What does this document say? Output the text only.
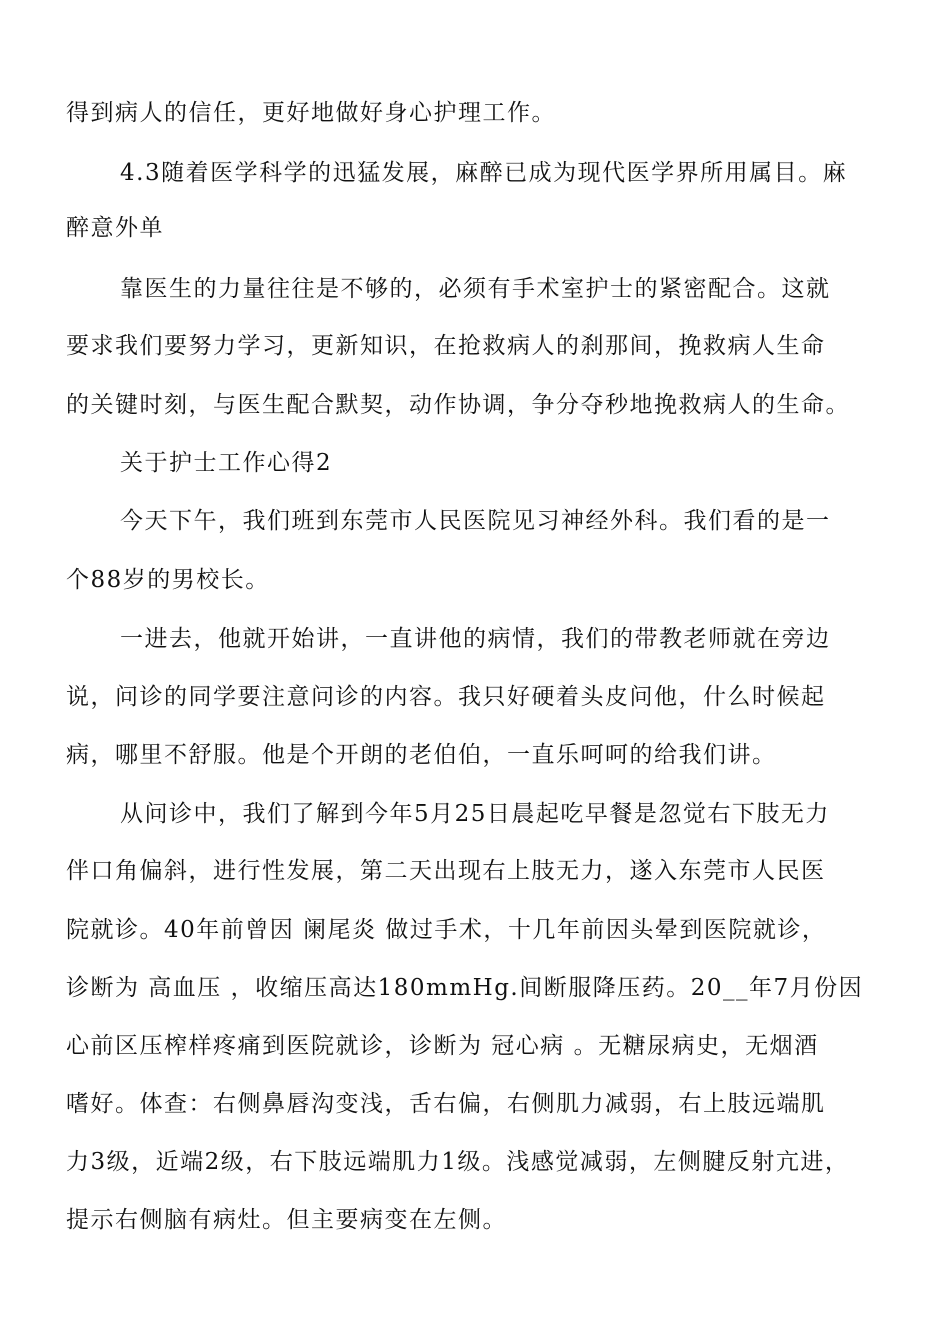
得到病人的信任，更好地做好身心护理工作。

4.3随着医学科学的迅猛发展，麻醉已成为现代医学界所用属目。麻

醉意外单

靠医生的力量往往是不够的，必须有手术室护士的紧密配合。这就

要求我们要努力学习，更新知识，在抢救病人的刹那间，挽救病人生命

的关键时刻，与医生配合默契，动作协调，争分夺秒地挽救病人的生命。

关于护士工作心得2

今天下午，我们班到东莞市人民医院见习神经外科。我们看的是一

个88岁的男校长。

一进去，他就开始讲，一直讲他的病情，我们的带教老师就在旁边

说，问诊的同学要注意问诊的内容。我只好硬着头皮问他，什么时候起

病，哪里不舒服。他是个开朗的老伯伯，一直乐呵呵的给我们讲。

从问诊中，我们了解到今年5月25日晨起吃早餐是忽觉右下肢无力

伴口角偏斜，进行性发展，第二天出现右上肢无力，遂入东莞市人民医

院就诊。40年前曾因 阑尾炎 做过手术，十几年前因头晕到医院就诊，

诊断为 高血压 ，收缩压高达180mmHg.间断服降压药。20__年7月份因

心前区压榨样疼痛到医院就诊，诊断为 冠心病 。无糖尿病史，无烟酒

嗜好。体查：右侧鼻唇沟变浅，舌右偏，右侧肌力减弱，右上肢远端肌

力3级，近端2级，右下肢远端肌力1级。浅感觉减弱，左侧腱反射亢进，

提示右侧脑有病灶。但主要病变在左侧。
